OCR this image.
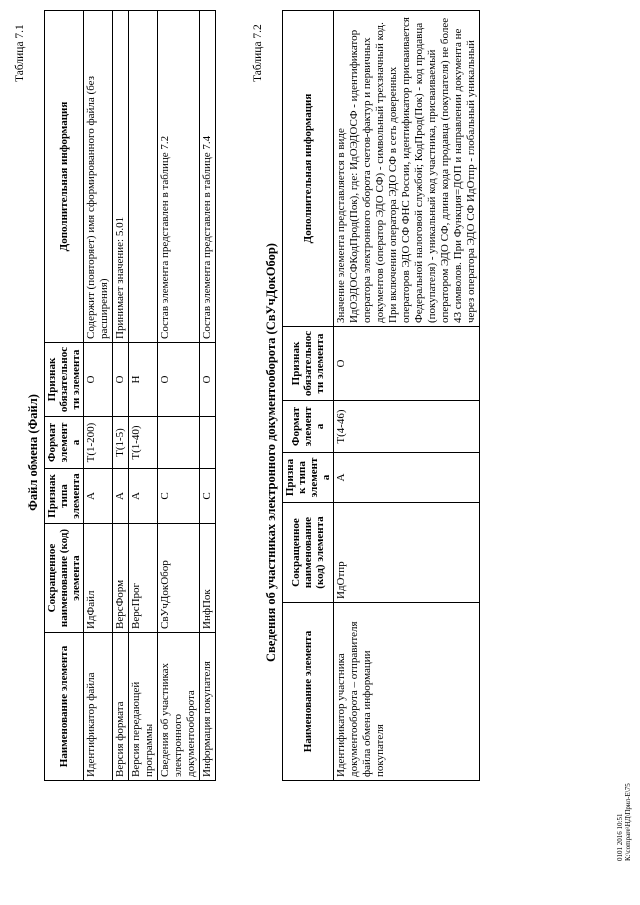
Таблица 7.1
Файл обмена (Файл)
Наименование элемента	Сокращенное наименование (код) элемента	Признак типа элемента	Формат элемента	Признак обязательности элемента	Дополнительная информация
Идентификатор файла	ИдФайл	А	Т(1-200)	О	Содержит (повторяет) имя сформированного файла (без расширения)
Версия формата	ВерсФорм	А	Т(1-5)	О	Принимает значение: 5.01
Версия передающей программы	ВерсПрог	А	Т(1-40)	Н	
Сведения об участниках электронного документооборота	СвУчДокОбор	С		О	Состав элемента представлен в таблице 7.2
Информация покупателя	ИнфПок	С		О	Состав элемента представлен в таблице 7.4
Таблица 7.2
Сведения об участниках электронного документооборота (СвУчДокОбор)
Наименование элемента	Сокращенное наименование (код) элемента	Признак типа элемента	Формат элемента	Признак обязательности элемента	Дополнительная информация
Идентификатор участника документооборота – отправителя файла обмена информации покупателя	ИдОтпр	А	Т(4-46)	О	Значение элемента представляется в виде ИдОЭДОСФКодПрод(Пок), где: ИдОЭДОСФ - идентификатор оператора электронного оборота счетов-фактур и первичных документов (оператор ЭДО СФ) - символьный трехзначный код. При включении оператора ЭДО СФ в сеть доверенных операторов ЭДО СФ ФНС России, идентификатор присваивается Федеральной налоговой службой; КодПрод(Пок) - код продавца (покупателя) - уникальный код участника, присваиваемый оператором ЭДО СФ, длина кода продавца (покупателя) не более 43 символов. При Функция=ДОП и направлении документа не через оператора ЭДО СФ ИдОтпр - глобальный уникальный
0101 2016 10:51 К:\compare\НД\Прил-Е\75
